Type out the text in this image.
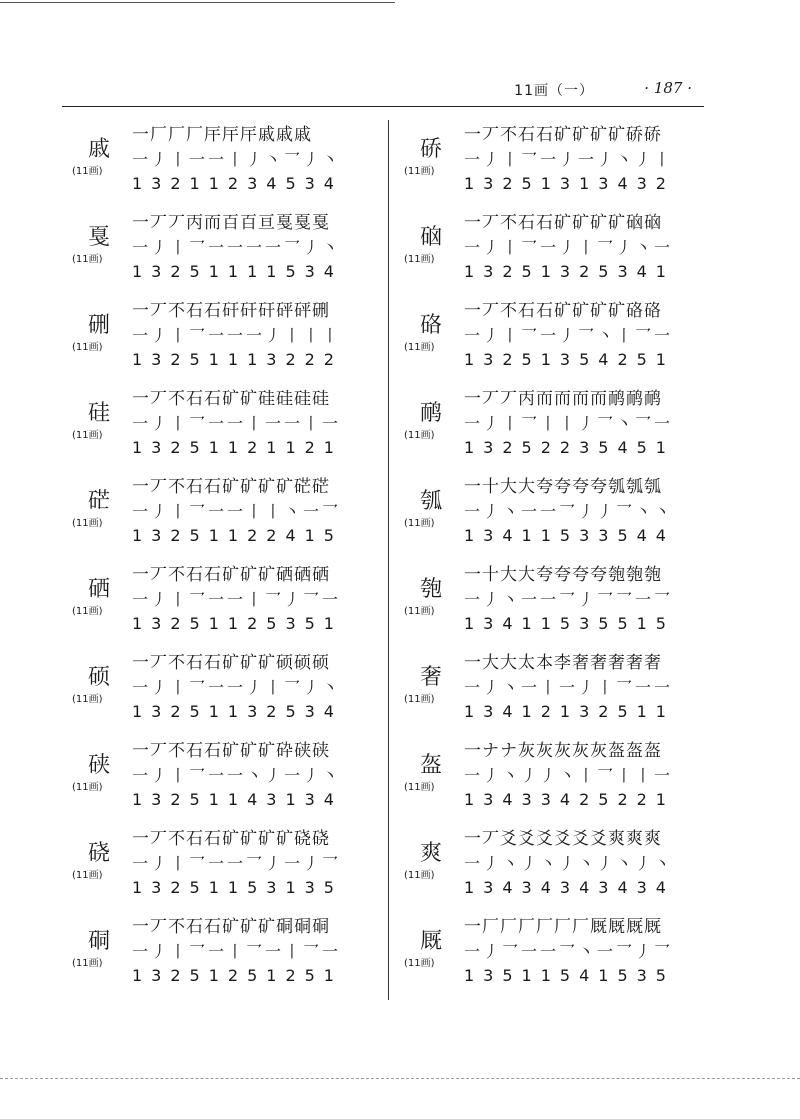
11画（一）	· 187 ·
戚
(11画)
一厂厂厂厈厈厈戚戚戚
一丿丨一一丨丿丶乛丿丶
13211234534
戛
(11画)
一丆丆丙而百百亘戛戛戛
一丿丨乛一一一一乛丿丶
13251111534
硎
(11画)
一丆不石石矸矸矸砰砰硎
一丿丨乛一一一丿丨丨丨
13251113222
硅
(11画)
一丆不石石矿矿硅硅硅硅
一丿丨乛一一丨一一丨一
13251121121
硭
(11画)
一丆不石石矿矿矿矿硭硭
一丿丨乛一一丨丨丶一乛
13251122415
硒
(11画)
一丆不石石矿矿矿硒硒硒
一丿丨乛一一丨乛丿乛一
13251125351
硕
(11画)
一丆不石石矿矿矿硕硕硕
一丿丨乛一一丿丨乛丿丶
13251132534
硖
(11画)
一丆不石石矿矿矿砕硖硖
一丿丨乛一一丶丿一丿丶
13251143134
硗
(11画)
一丆不石石矿矿矿矿硗硗
一丿丨乛一一乛丿一丿乛
13251153135
硐
(11画)
一丆不石石矿矿矿硐硐硐
一丿丨乛一丨乛一丨乛一
13251251251
硚
(11画)
一丆不石石矿矿矿矿硚硚
一丿丨乛一丿一丿丶丿丨
13251313432
硇
(11画)
一丆不石石矿矿矿矿硇硇
一丿丨乛一丿丨乛丿丶一
13251325341
硌
(11画)
一丆不石石矿矿矿矿硌硌
一丿丨乛一丿乛丶丨乛一
13251354251
鸸
(11画)
一丆丆丙而而而而鸸鸸鸸
一丿丨乛丨丨丿乛丶乛一
13252235451
瓠
(11画)
一十大大夸夸夸夸瓠瓠瓠
一丿丶一一乛丿丿乛丶丶
13411533544
匏
(11画)
一十大大夸夸夸夸匏匏匏
一丿丶一一乛丿乛乛一乛
13411535515
奢
(11画)
一大大太本李奢奢奢奢奢
一丿丶一丨一丿丨乛一一
13412132511
盔
(11画)
一ナナ灰灰灰灰灰盔盔盔
一丿丶丿丿丶丨乛丨丨一
13433425221
爽
(11画)
一丆爻爻爻爻爻爻爽爽爽
一丿丶丿丶丿丶丿丶丿丶
13434343434
厩
(11画)
一厂厂厂厂厂厂厩厩厩厩
一丿乛一一乛丶一乛丿乛
13511541535
